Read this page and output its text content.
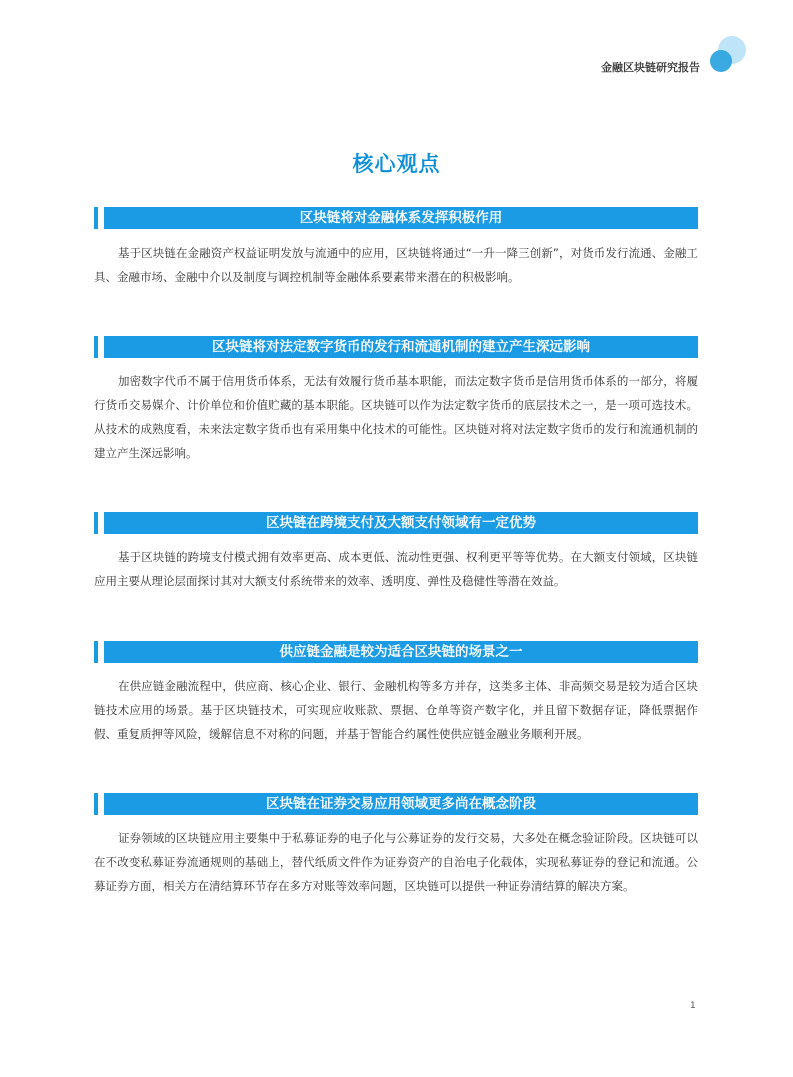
金融区块链研究报告
核心观点
区块链将对金融体系发挥积极作用

基于区块链在金融资产权益证明发放与流通中的应用，区块链将通过“一升一降三创新”，对货币发行流通、金融工具、金融市场、金融中介以及制度与调控机制等金融体系要素带来潜在的积极影响。

区块链将对法定数字货币的发行和流通机制的建立产生深远影响

加密数字代币不属于信用货币体系，无法有效履行货币基本职能，而法定数字货币是信用货币体系的一部分，将履行货币交易媒介、计价单位和价值贮藏的基本职能。区块链可以作为法定数字货币的底层技术之一，是一项可选技术。从技术的成熟度看，未来法定数字货币也有采用集中化技术的可能性。区块链对将对法定数字货币的发行和流通机制的建立产生深远影响。

区块链在跨境支付及大额支付领域有一定优势

基于区块链的跨境支付模式拥有效率更高、成本更低、流动性更强、权利更平等等优势。在大额支付领域，区块链应用主要从理论层面探讨其对大额支付系统带来的效率、透明度、弹性及稳健性等潜在效益。

供应链金融是较为适合区块链的场景之一

在供应链金融流程中，供应商、核心企业、银行、金融机构等多方并存，这类多主体、非高频交易是较为适合区块链技术应用的场景。基于区块链技术，可实现应收账款、票据、仓单等资产数字化，并且留下数据存证，降低票据作假、重复质押等风险，缓解信息不对称的问题，并基于智能合约属性使供应链金融业务顺利开展。

区块链在证券交易应用领域更多尚在概念阶段

证券领域的区块链应用主要集中于私募证券的电子化与公募证券的发行交易，大多处在概念验证阶段。区块链可以在不改变私募证券流通规则的基础上，替代纸质文件作为证券资产的自治电子化载体，实现私募证券的登记和流通。公募证券方面，相关方在清结算环节存在多方对账等效率问题，区块链可以提供一种证券清结算的解决方案。

1
